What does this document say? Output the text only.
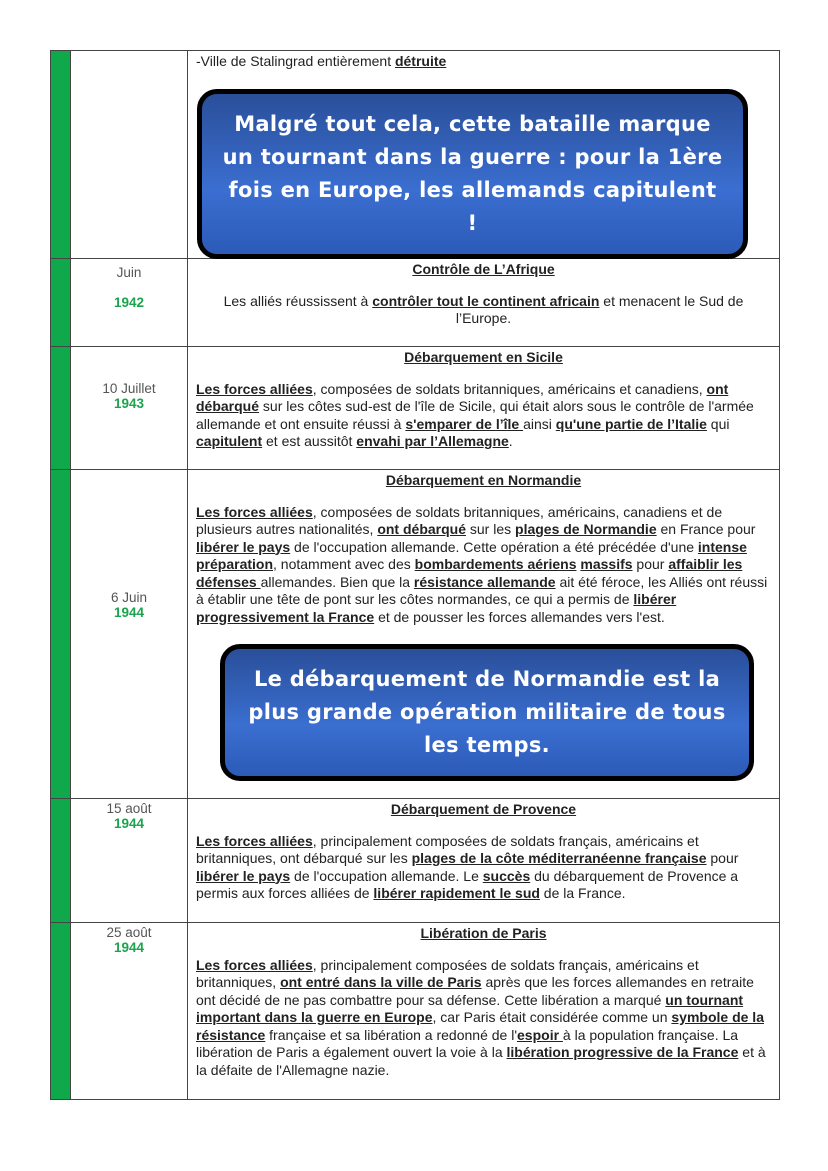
-Ville de Stalingrad entièrement détruite
Malgré tout cela, cette bataille marque un tournant dans la guerre : pour la 1ère fois en Europe, les allemands capitulent !
Juin
1942
Contrôle de L’Afrique
Les alliés réussissent à contrôler tout le continent africain et menacent le Sud de l’Europe.
10 Juillet
1943
Débarquement en Sicile
Les forces alliées, composées de soldats britanniques, américains et canadiens, ont débarqué sur les côtes sud-est de l'île de Sicile, qui était alors sous le contrôle de l'armée allemande et ont ensuite réussi à s'emparer de l’île ainsi qu'une partie de l’Italie qui capitulent et est aussitôt envahi par l’Allemagne.
6 Juin
1944
Débarquement en Normandie
Les forces alliées, composées de soldats britanniques, américains, canadiens et de plusieurs autres nationalités, ont débarqué sur les plages de Normandie en France pour libérer le pays de l'occupation allemande. Cette opération a été précédée d'une intense préparation, notamment avec des bombardements aériens massifs pour affaiblir les défenses allemandes. Bien que la résistance allemande ait été féroce, les Alliés ont réussi à établir une tête de pont sur les côtes normandes, ce qui a permis de libérer progressivement la France et de pousser les forces allemandes vers l'est.
Le débarquement de Normandie est la plus grande opération militaire de tous les temps.
15 août
1944
Débarquement de Provence
Les forces alliées, principalement composées de soldats français, américains et britanniques, ont débarqué sur les plages de la côte méditerranéenne française pour libérer le pays de l'occupation allemande. Le succès du débarquement de Provence a permis aux forces alliées de libérer rapidement le sud de la France.
25 août
1944
Libération de Paris
Les forces alliées, principalement composées de soldats français, américains et britanniques, ont entré dans la ville de Paris après que les forces allemandes en retraite ont décidé de ne pas combattre pour sa défense. Cette libération a marqué un tournant important dans la guerre en Europe, car Paris était considérée comme un symbole de la résistance française et sa libération a redonné de l'espoir à la population française. La libération de Paris a également ouvert la voie à la libération progressive de la France et à la défaite de l'Allemagne nazie.
